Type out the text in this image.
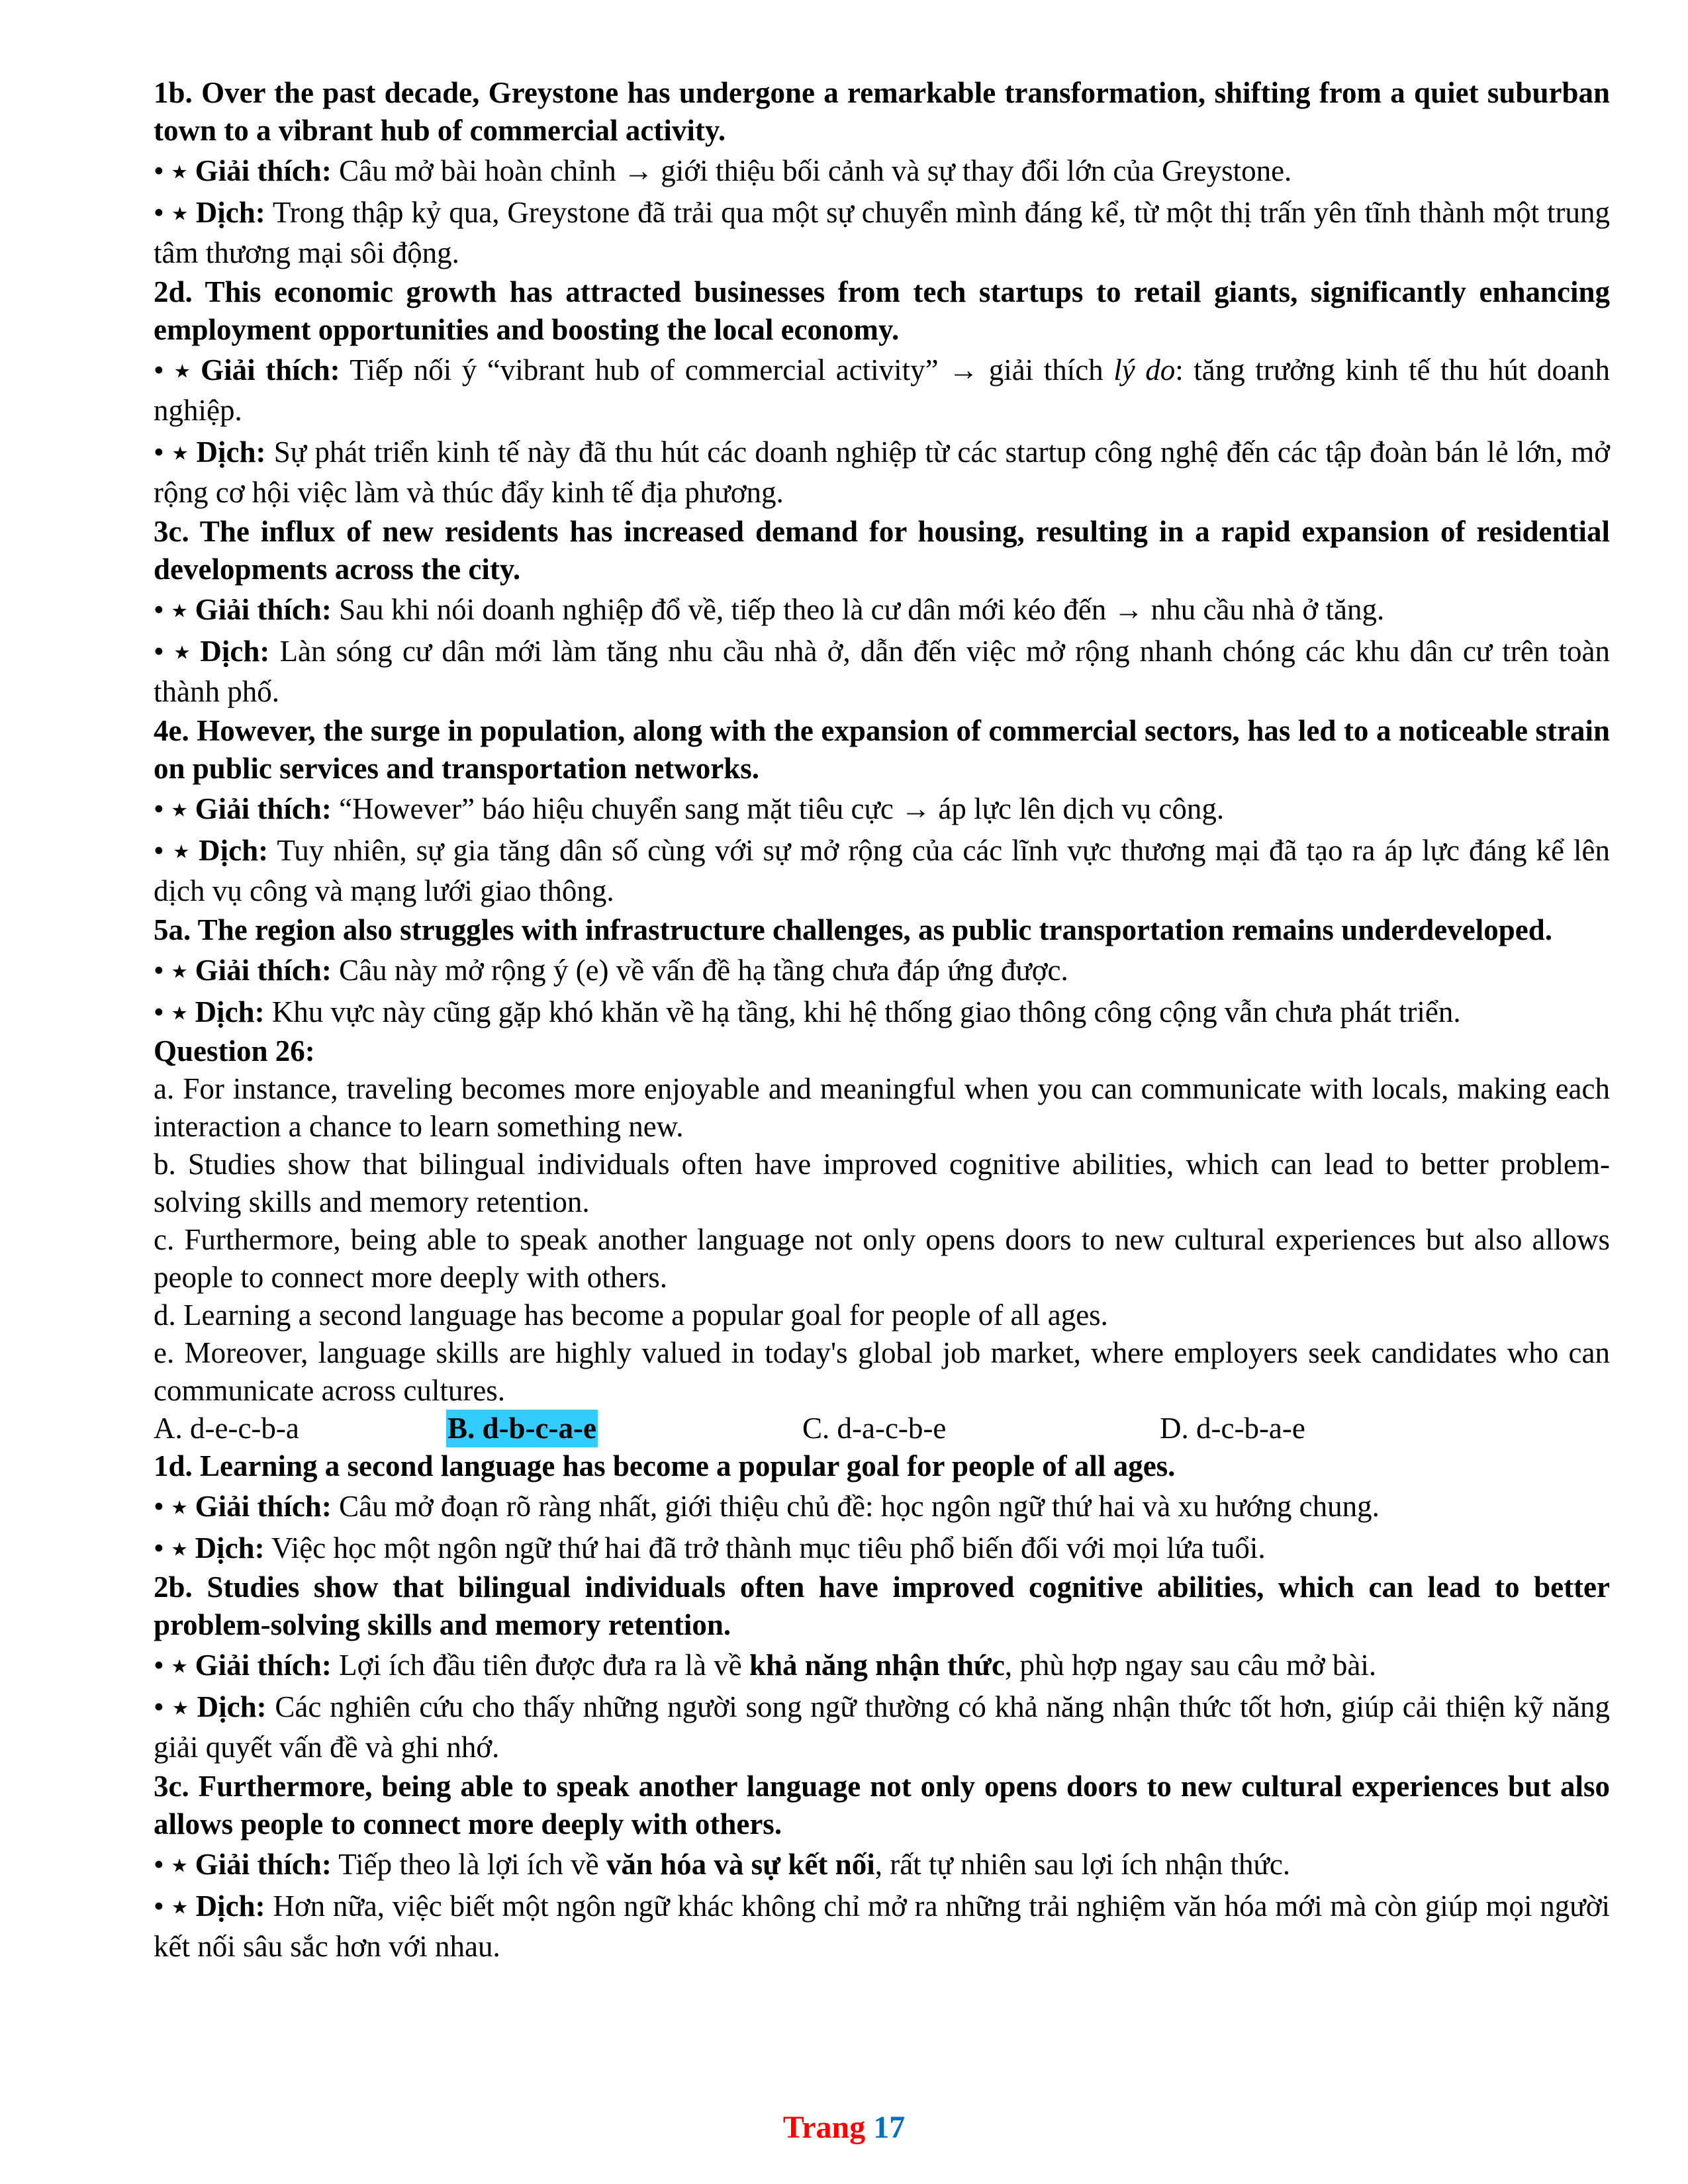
1b. Over the past decade, Greystone has undergone a remarkable transformation, shifting from a quiet suburban town to a vibrant hub of commercial activity.
• ⭑ Giải thích: Câu mở bài hoàn chỉnh → giới thiệu bối cảnh và sự thay đổi lớn của Greystone.
• ⭑ Dịch: Trong thập kỷ qua, Greystone đã trải qua một sự chuyển mình đáng kể, từ một thị trấn yên tĩnh thành một trung tâm thương mại sôi động.
2d. This economic growth has attracted businesses from tech startups to retail giants, significantly enhancing employment opportunities and boosting the local economy.
• ⭑ Giải thích: Tiếp nối ý “vibrant hub of commercial activity” → giải thích lý do: tăng trưởng kinh tế thu hút doanh nghiệp.
• ⭑ Dịch: Sự phát triển kinh tế này đã thu hút các doanh nghiệp từ các startup công nghệ đến các tập đoàn bán lẻ lớn, mở rộng cơ hội việc làm và thúc đẩy kinh tế địa phương.
3c. The influx of new residents has increased demand for housing, resulting in a rapid expansion of residential developments across the city.
• ⭑ Giải thích: Sau khi nói doanh nghiệp đổ về, tiếp theo là cư dân mới kéo đến → nhu cầu nhà ở tăng.
• ⭑ Dịch: Làn sóng cư dân mới làm tăng nhu cầu nhà ở, dẫn đến việc mở rộng nhanh chóng các khu dân cư trên toàn thành phố.
4e. However, the surge in population, along with the expansion of commercial sectors, has led to a noticeable strain on public services and transportation networks.
• ⭑ Giải thích: “However” báo hiệu chuyển sang mặt tiêu cực → áp lực lên dịch vụ công.
• ⭑ Dịch: Tuy nhiên, sự gia tăng dân số cùng với sự mở rộng của các lĩnh vực thương mại đã tạo ra áp lực đáng kể lên dịch vụ công và mạng lưới giao thông.
5a. The region also struggles with infrastructure challenges, as public transportation remains underdeveloped.
• ⭑ Giải thích: Câu này mở rộng ý (e) về vấn đề hạ tầng chưa đáp ứng được.
• ⭑ Dịch: Khu vực này cũng gặp khó khăn về hạ tầng, khi hệ thống giao thông công cộng vẫn chưa phát triển.
Question 26:
a. For instance, traveling becomes more enjoyable and meaningful when you can communicate with locals, making each interaction a chance to learn something new.
b. Studies show that bilingual individuals often have improved cognitive abilities, which can lead to better problem-solving skills and memory retention.
c. Furthermore, being able to speak another language not only opens doors to new cultural experiences but also allows people to connect more deeply with others.
d. Learning a second language has become a popular goal for people of all ages.
e. Moreover, language skills are highly valued in today's global job market, where employers seek candidates who can communicate across cultures.
A. d-e-c-b-a	B. d-b-c-a-e	C. d-a-c-b-e	D. d-c-b-a-e
1d. Learning a second language has become a popular goal for people of all ages.
• ⭑ Giải thích: Câu mở đoạn rõ ràng nhất, giới thiệu chủ đề: học ngôn ngữ thứ hai và xu hướng chung.
• ⭑ Dịch: Việc học một ngôn ngữ thứ hai đã trở thành mục tiêu phổ biến đối với mọi lứa tuổi.
2b. Studies show that bilingual individuals often have improved cognitive abilities, which can lead to better problem-solving skills and memory retention.
• ⭑ Giải thích: Lợi ích đầu tiên được đưa ra là về khả năng nhận thức, phù hợp ngay sau câu mở bài.
• ⭑ Dịch: Các nghiên cứu cho thấy những người song ngữ thường có khả năng nhận thức tốt hơn, giúp cải thiện kỹ năng giải quyết vấn đề và ghi nhớ.
3c. Furthermore, being able to speak another language not only opens doors to new cultural experiences but also allows people to connect more deeply with others.
• ⭑ Giải thích: Tiếp theo là lợi ích về văn hóa và sự kết nối, rất tự nhiên sau lợi ích nhận thức.
• ⭑ Dịch: Hơn nữa, việc biết một ngôn ngữ khác không chỉ mở ra những trải nghiệm văn hóa mới mà còn giúp mọi người kết nối sâu sắc hơn với nhau.
Trang 17
